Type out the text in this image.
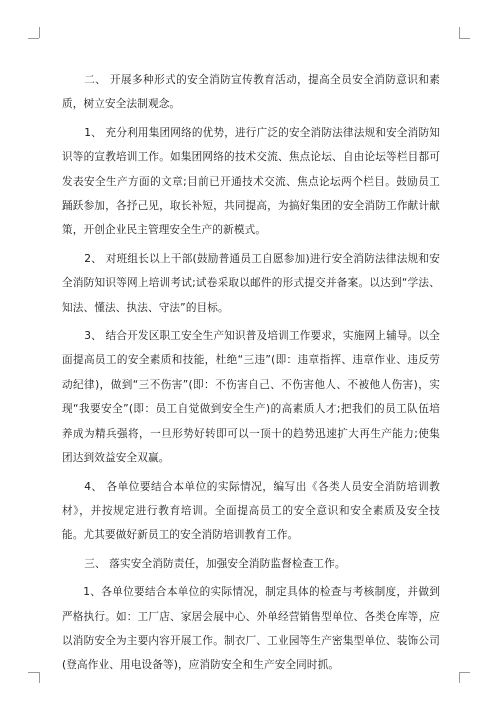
二、 开展多种形式的安全消防宣传教育活动，提高全员安全消防意识和素质，树立安全法制观念。

1、 充分利用集团网络的优势，进行广泛的安全消防法律法规和安全消防知识等的宣教培训工作。如集团网络的技术交流、焦点论坛、自由论坛等栏目都可发表安全生产方面的文章;目前已开通技术交流、焦点论坛两个栏目。鼓励员工踊跃参加，各抒己见，取长补短，共同提高，为搞好集团的安全消防工作献计献策，开创企业民主管理安全生产的新模式。

2、 对班组长以上干部(鼓励普通员工自愿参加)进行安全消防法律法规和安全消防知识等网上培训考试;试卷采取以邮件的形式提交并备案。以达到“学法、知法、懂法、执法、守法”的目标。

3、 结合开发区职工安全生产知识普及培训工作要求，实施网上辅导。以全面提高员工的安全素质和技能，杜绝“三违”(即：违章指挥、违章作业、违反劳动纪律)，做到“三不伤害”(即：不伤害自己、不伤害他人、不被他人伤害)，实现“我要安全”(即：员工自觉做到安全生产)的高素质人才;把我们的员工队伍培养成为精兵强将，一旦形势好转即可以一顶十的趋势迅速扩大再生产能力;使集团达到效益安全双赢。

4、 各单位要结合本单位的实际情况，编写出《各类人员安全消防培训教材》，并按规定进行教育培训。全面提高员工的安全意识和安全素质及安全技能。尤其要做好新员工的安全消防培训教育工作。

三、 落实安全消防责任，加强安全消防监督检查工作。

1、各单位要结合本单位的实际情况，制定具体的检查与考核制度，并做到严格执行。如：工厂店、家居会展中心、外单经营销售型单位、各类仓库等，应以消防安全为主要内容开展工作。制衣厂、工业园等生产密集型单位、装饰公司(登高作业、用电设备等)，应消防安全和生产安全同时抓。
